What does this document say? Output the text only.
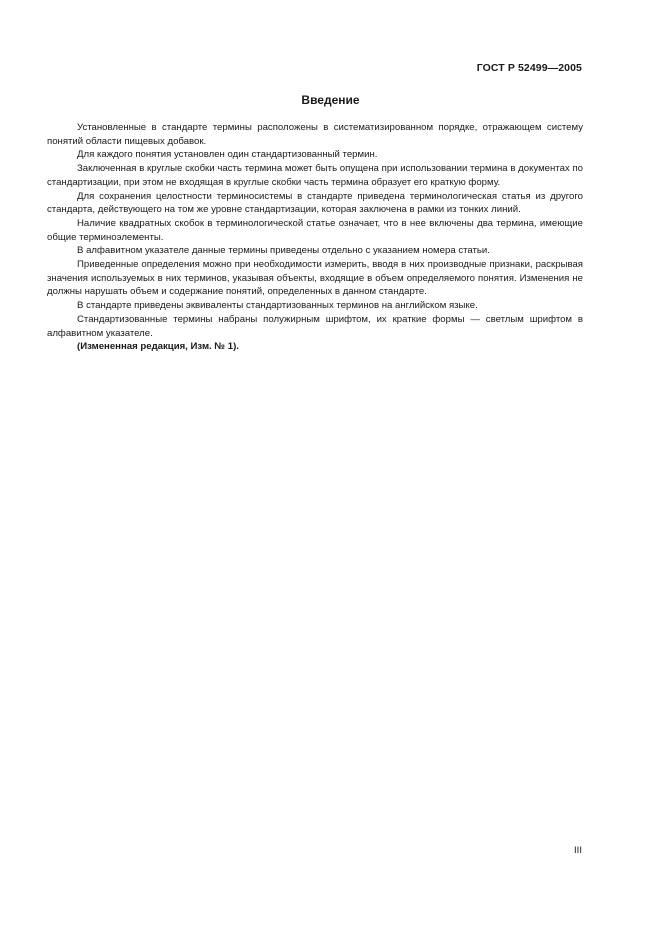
ГОСТ Р 52499—2005
Введение

Установленные в стандарте термины расположены в систематизированном порядке, отражающем систему понятий области пищевых добавок.

Для каждого понятия установлен один стандартизованный термин.

Заключенная в круглые скобки часть термина может быть опущена при использовании термина в документах по стандартизации, при этом не входящая в круглые скобки часть термина образует его краткую форму.

Для сохранения целостности терминосистемы в стандарте приведена терминологическая статья из другого стандарта, действующего на том же уровне стандартизации, которая заключена в рамки из тонких линий.

Наличие квадратных скобок в терминологической статье означает, что в нее включены два термина, имеющие общие терминоэлементы.

В алфавитном указателе данные термины приведены отдельно с указанием номера статьи.

Приведенные определения можно при необходимости измерить, вводя в них производные признаки, раскрывая значения используемых в них терминов, указывая объекты, входящие в объем определяемого понятия. Изменения не должны нарушать объем и содержание понятий, определенных в данном стандарте.

В стандарте приведены эквиваленты стандартизованных терминов на английском языке.

Стандартизованные термины набраны полужирным шрифтом, их краткие формы — светлым шрифтом в алфавитном указателе.

(Измененная редакция, Изм. № 1).

III
